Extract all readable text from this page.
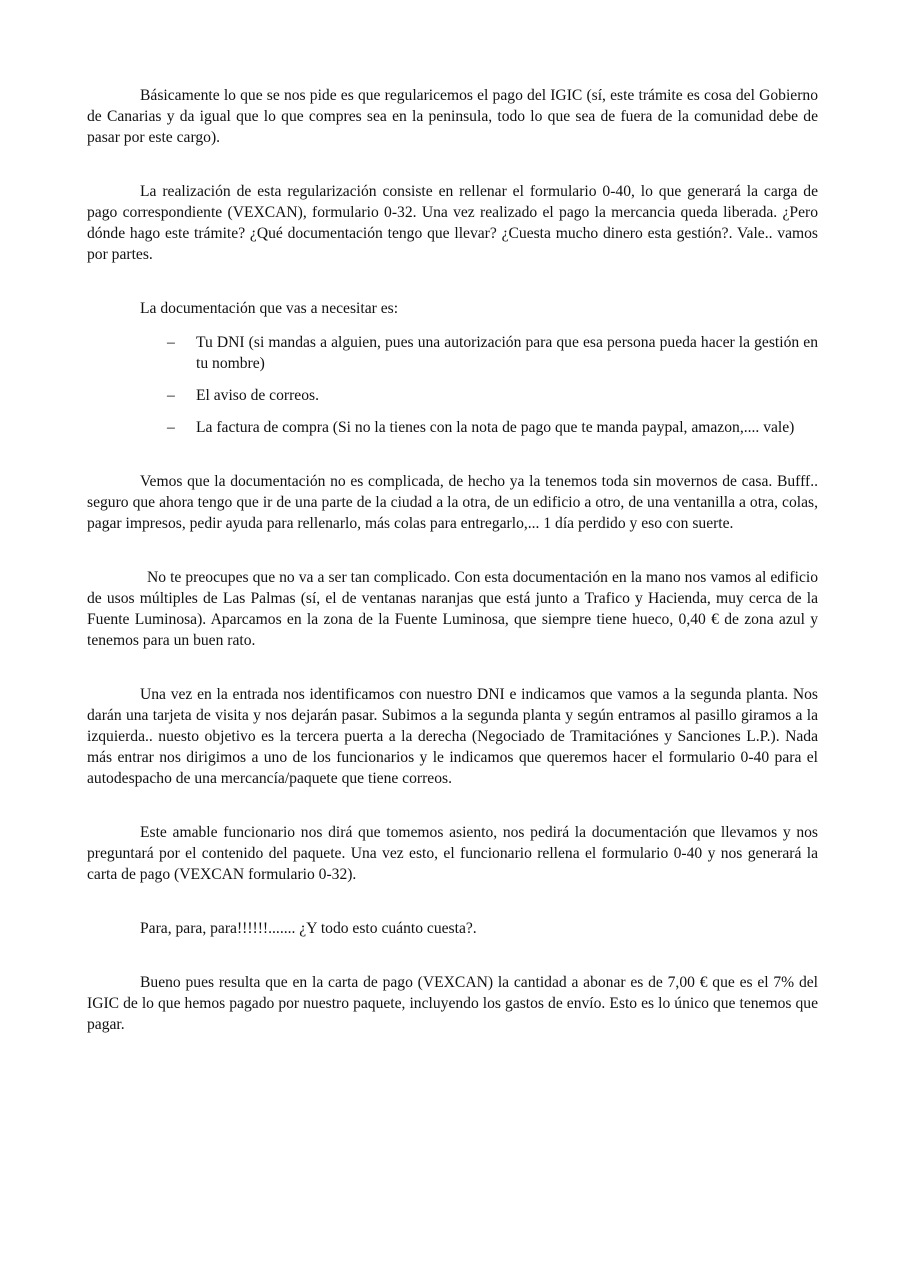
Básicamente lo que se nos pide es que regularicemos el pago del IGIC (sí, este trámite es cosa del Gobierno de Canarias y da igual que lo que compres sea en la peninsula, todo lo que sea de fuera de la comunidad debe de pasar por este cargo).

La realización de esta regularización consiste en rellenar el formulario 0-40, lo que generará la carga de pago correspondiente (VEXCAN), formulario 0-32. Una vez realizado el pago la mercancia queda liberada. ¿Pero dónde hago este trámite? ¿Qué documentación tengo que llevar? ¿Cuesta mucho dinero esta gestión?. Vale.. vamos por partes.

La documentación que vas a necesitar es:

– Tu DNI (si mandas a alguien, pues una autorización para que esa persona pueda hacer la gestión en tu nombre)
– El aviso de correos.
– La factura de compra (Si no la tienes con la nota de pago que te manda paypal, amazon,.... vale)

Vemos que la documentación no es complicada, de hecho ya la tenemos toda sin movernos de casa. Bufff.. seguro que ahora tengo que ir de una parte de la ciudad a la otra, de un edificio a otro, de una ventanilla a otra, colas, pagar impresos, pedir ayuda para rellenarlo, más colas para entregarlo,... 1 día perdido y eso con suerte.

No te preocupes que no va a ser tan complicado. Con esta documentación en la mano nos vamos al edificio de usos múltiples de Las Palmas (sí, el de ventanas naranjas que está junto a Trafico y Hacienda, muy cerca de la Fuente Luminosa). Aparcamos en la zona de la Fuente Luminosa, que siempre tiene hueco, 0,40 € de zona azul y tenemos para un buen rato.

Una vez en la entrada nos identificamos con nuestro DNI e indicamos que vamos a la segunda planta. Nos darán una tarjeta de visita y nos dejarán pasar. Subimos a la segunda planta y según entramos al pasillo giramos a la izquierda.. nuesto objetivo es la tercera puerta a la derecha (Negociado de Tramitaciónes y Sanciones L.P.). Nada más entrar nos dirigimos a uno de los funcionarios y le indicamos que queremos hacer el formulario 0-40 para el autodespacho de una mercancía/paquete que tiene correos.

Este amable funcionario nos dirá que tomemos asiento, nos pedirá la documentación que llevamos y nos preguntará por el contenido del paquete. Una vez esto, el funcionario rellena el formulario 0-40 y nos generará la carta de pago (VEXCAN formulario 0-32).

Para, para, para!!!!!!....... ¿Y todo esto cuánto cuesta?.

Bueno pues resulta que en la carta de pago (VEXCAN) la cantidad a abonar es de 7,00 € que es el 7% del IGIC de lo que hemos pagado por nuestro paquete, incluyendo los gastos de envío. Esto es lo único que tenemos que pagar.
